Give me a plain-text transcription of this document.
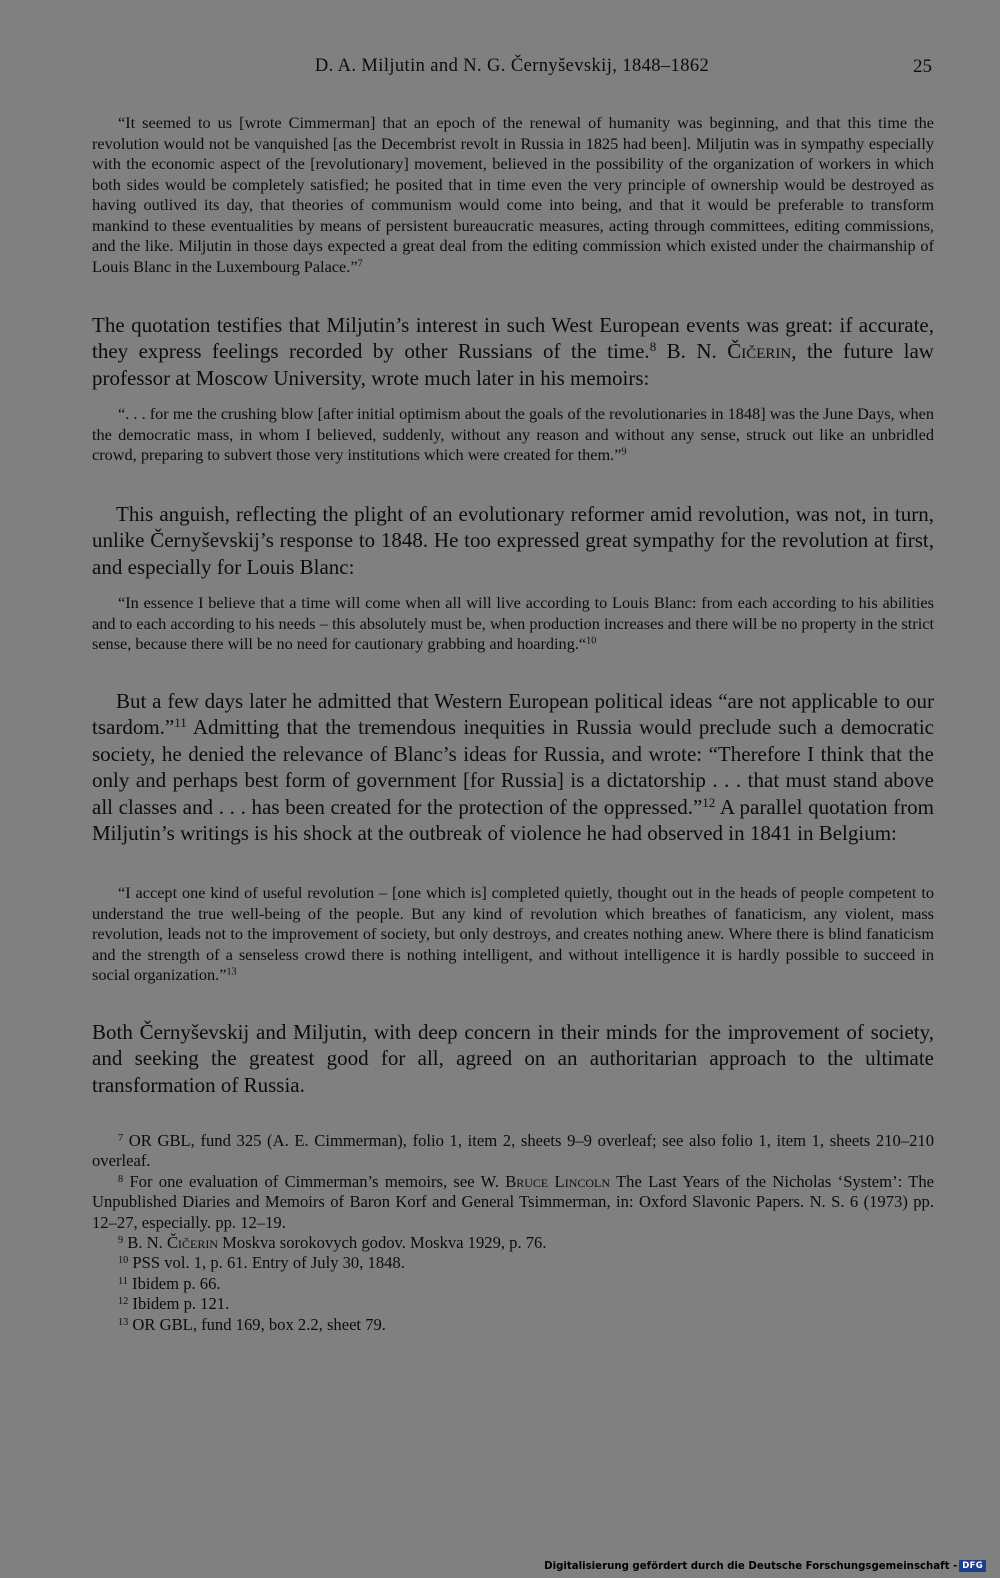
D. A. Miljutin and N. G. Černyševskij, 1848–1862	25
“It seemed to us [wrote Cimmerman] that an epoch of the renewal of humanity was beginning, and that this time the revolution would not be vanquished [as the Decembrist revolt in Russia in 1825 had been]. Miljutin was in sympathy especially with the economic aspect of the [revolutionary] movement, believed in the possibility of the organization of workers in which both sides would be completely satisfied; he posited that in time even the very principle of ownership would be destroyed as having outlived its day, that theories of communism would come into being, and that it would be preferable to transform mankind to these eventualities by means of persistent bureaucratic measures, acting through committees, editing commissions, and the like. Miljutin in those days expected a great deal from the editing commission which existed under the chairmanship of Louis Blanc in the Luxembourg Palace.”$^7$
The quotation testifies that Miljutin’s interest in such West European events was great: if accurate, they express feelings recorded by other Russians of the time.$^8$ B. N. Čičerin, the future law professor at Moscow University, wrote much later in his memoirs:
“. . . for me the crushing blow [after initial optimism about the goals of the revolutionaries in 1848] was the June Days, when the democratic mass, in whom I believed, suddenly, without any reason and without any sense, struck out like an unbridled crowd, preparing to subvert those very institutions which were created for them.”$^9$
This anguish, reflecting the plight of an evolutionary reformer amid revolution, was not, in turn, unlike Černyševskij’s response to 1848. He too expressed great sympathy for the revolution at first, and especially for Louis Blanc:
“In essence I believe that a time will come when all will live according to Louis Blanc: from each according to his abilities and to each according to his needs – this absolutely must be, when production increases and there will be no property in the strict sense, because there will be no need for cautionary grabbing and hoarding.“$^{10}$
But a few days later he admitted that Western European political ideas “are not applicable to our tsardom.”$^{11}$ Admitting that the tremendous inequities in Russia would preclude such a democratic society, he denied the relevance of Blanc’s ideas for Russia, and wrote: “Therefore I think that the only and perhaps best form of government [for Russia] is a dictatorship . . . that must stand above all classes and . . . has been created for the protection of the oppressed.”$^{12}$ A parallel quotation from Miljutin’s writings is his shock at the outbreak of violence he had observed in 1841 in Belgium:
“I accept one kind of useful revolution – [one which is] completed quietly, thought out in the heads of people competent to understand the true well-being of the people. But any kind of revolution which breathes of fanaticism, any violent, mass revolution, leads not to the improvement of society, but only destroys, and creates nothing anew. Where there is blind fanaticism and the strength of a senseless crowd there is nothing intelligent, and without intelligence it is hardly possible to succeed in social organization.”$^{13}$
Both Černyševskij and Miljutin, with deep concern in their minds for the improvement of society, and seeking the greatest good for all, agreed on an authoritarian approach to the ultimate transformation of Russia.

$^7$ OR GBL, fund 325 (A. E. Cimmerman), folio 1, item 2, sheets 9–9 overleaf; see also folio 1, item 1, sheets 210–210 overleaf.

$^8$ For one evaluation of Cimmerman’s memoirs, see W. Bruce Lincoln The Last Years of the Nicholas ‘System’: The Unpublished Diaries and Memoirs of Baron Korf and General Tsimmerman, in: Oxford Slavonic Papers. N. S. 6 (1973) pp. 12–27, especially. pp. 12–19.

$^9$ B. N. Čičerin Moskva sorokovych godov. Moskva 1929, p. 76.

$^{10}$ PSS vol. 1, p. 61. Entry of July 30, 1848.

$^{11}$ Ibidem p. 66.

$^{12}$ Ibidem p. 121.

$^{13}$ OR GBL, fund 169, box 2.2, sheet 79.

Digitalisierung gefördert durch die Deutsche Forschungsgemeinschaft - DFG
